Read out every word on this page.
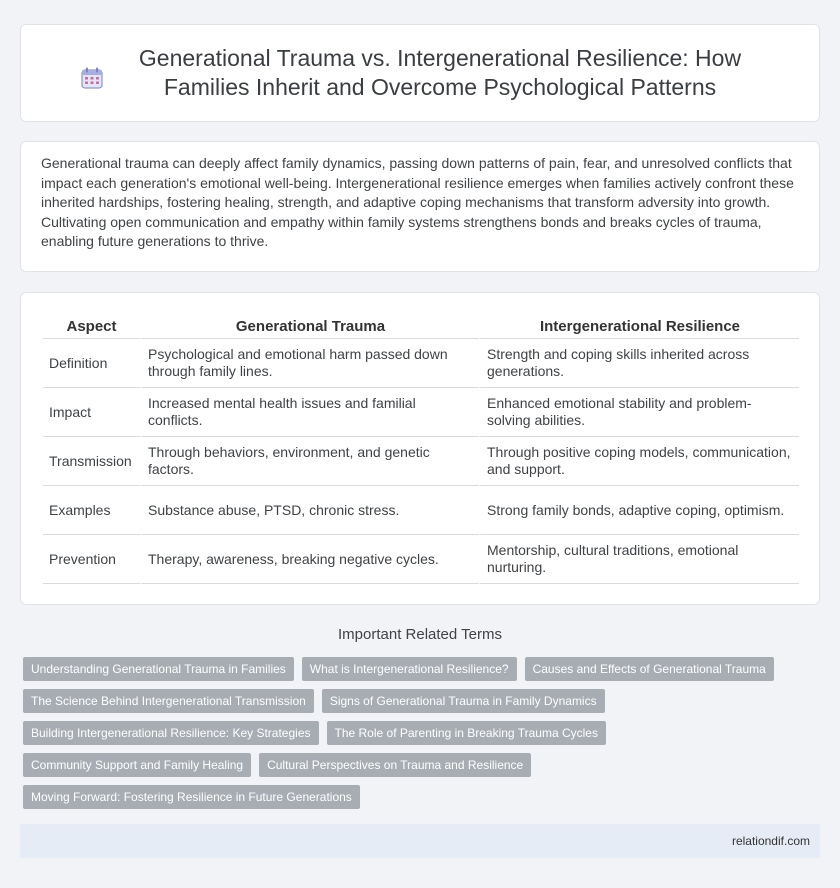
Generational Trauma vs. Intergenerational Resilience: How Families Inherit and Overcome Psychological Patterns

Generational trauma can deeply affect family dynamics, passing down patterns of pain, fear, and unresolved conflicts that impact each generation's emotional well-being. Intergenerational resilience emerges when families actively confront these inherited hardships, fostering healing, strength, and adaptive coping mechanisms that transform adversity into growth. Cultivating open communication and empathy within family systems strengthens bonds and breaks cycles of trauma, enabling future generations to thrive.

Aspect	Generational Trauma	Intergenerational Resilience
Definition	Psychological and emotional harm passed down through family lines.	Strength and coping skills inherited across generations.
Impact	Increased mental health issues and familial conflicts.	Enhanced emotional stability and problem-solving abilities.
Transmission	Through behaviors, environment, and genetic factors.	Through positive coping models, communication, and support.
Examples	Substance abuse, PTSD, chronic stress.	Strong family bonds, adaptive coping, optimism.
Prevention	Therapy, awareness, breaking negative cycles.	Mentorship, cultural traditions, emotional nurturing.
Important Related Terms
Understanding Generational Trauma in Families	What is Intergenerational Resilience?	Causes and Effects of Generational Trauma
The Science Behind Intergenerational Transmission	Signs of Generational Trauma in Family Dynamics
Building Intergenerational Resilience: Key Strategies	The Role of Parenting in Breaking Trauma Cycles
Community Support and Family Healing	Cultural Perspectives on Trauma and Resilience
Moving Forward: Fostering Resilience in Future Generations
relationdif.com
